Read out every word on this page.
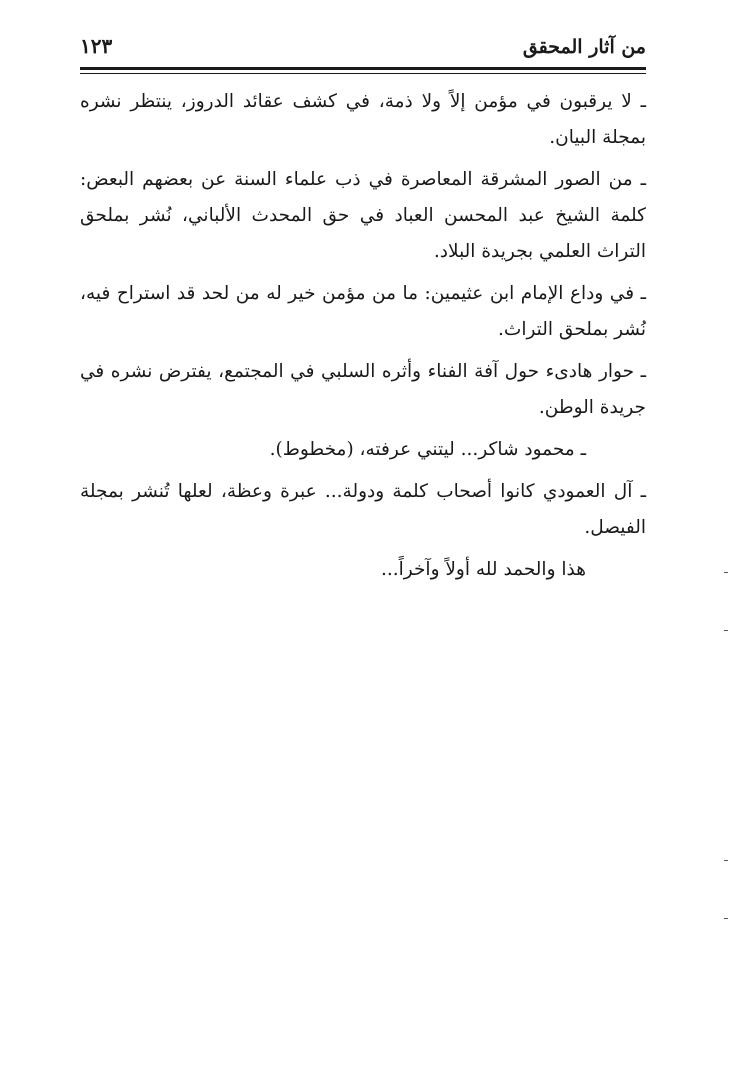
من آثار المحقق
١٢٣

ـ لا يرقبون في مؤمن إلاً ولا ذمة، في كشف عقائد الدروز، ينتظر نشره بمجلة البيان.

ـ من الصور المشرقة المعاصرة في ذب علماء السنة عن بعضهم البعض: كلمة الشيخ عبد المحسن العباد في حق المحدث الألباني، نُشر بملحق التراث العلمي بجريدة البلاد.

ـ في وداع الإمام ابن عثيمين: ما من مؤمن خير له من لحد قد استراح فيه، نُشر بملحق التراث.

ـ حوار هادىء حول آفة الفناء وأثره السلبي في المجتمع، يفترض نشره في جريدة الوطن.

ـ محمود شاكر... ليتني عرفته، (مخطوط).

ـ آل العمودي كانوا أصحاب كلمة ودولة... عبرة وعظة، لعلها تُنشر بمجلة الفيصل.

هذا والحمد لله أولاً وآخراً...
